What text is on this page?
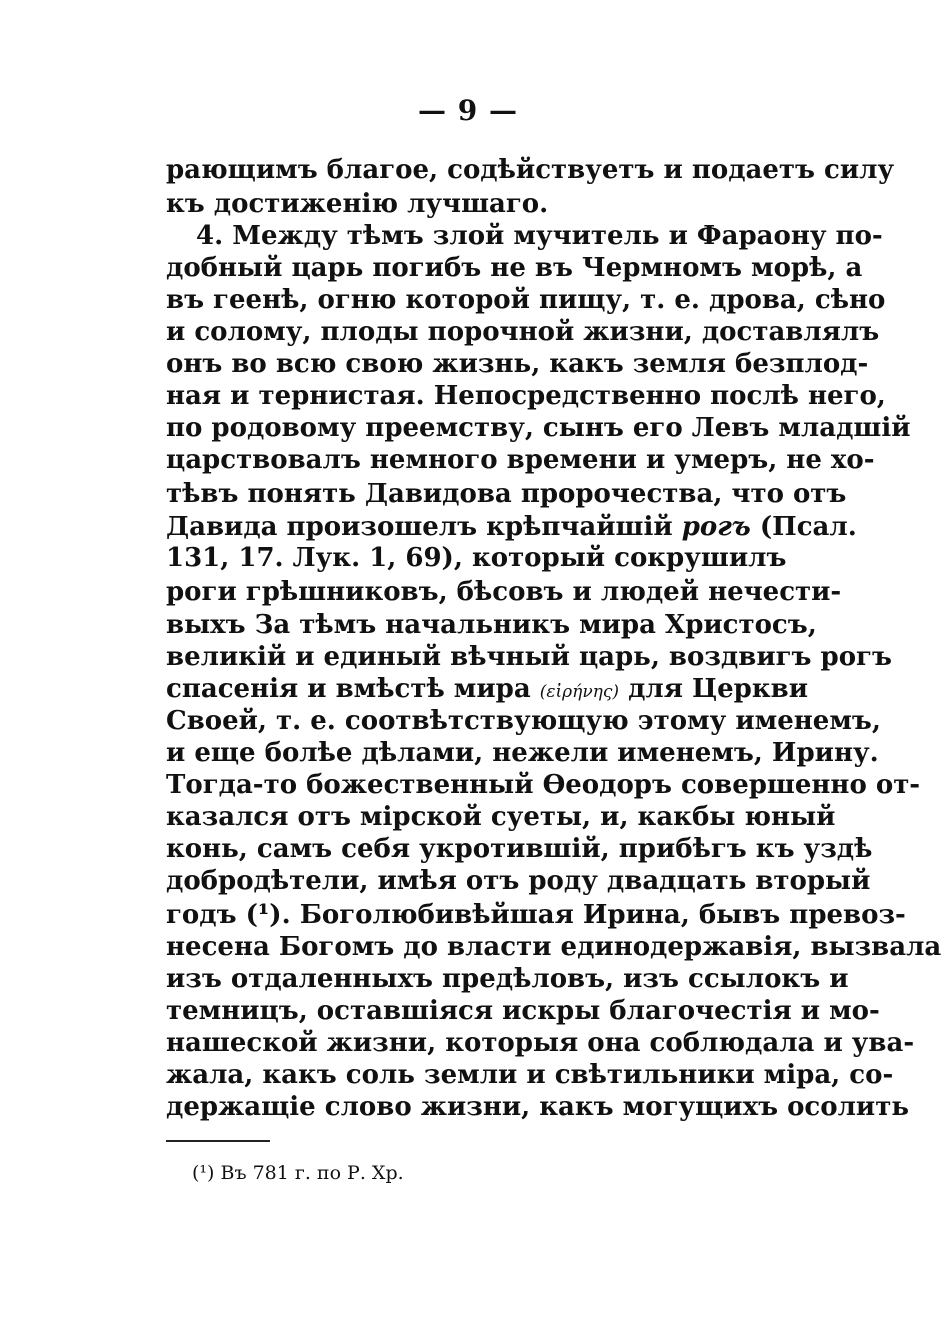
— 9 —
рающимъ благое, содѣйствуетъ и подаетъ силу
къ достиженію лучшаго.
4. Между тѣмъ злой мучитель и Фараону по-
добный царь погибъ не въ Чермномъ морѣ, а
въ геенѣ, огню которой пищу, т. е. дрова, сѣно
и солому, плоды порочной жизни, доставлялъ
онъ во всю свою жизнь, какъ земля безплод-
ная и тернистая. Непосредственно послѣ него,
по родовому преемству, сынъ его Левъ младшій
царствовалъ немного времени и умеръ, не хо-
тѣвъ понять Давидова пророчества, что отъ
Давида произошелъ крѣпчайшій рогъ (Псал.
131, 17. Лук. 1, 69), который сокрушилъ
роги грѣшниковъ, бѣсовъ и людей нечести-
выхъ За тѣмъ начальникъ мира Христосъ,
великій и единый вѣчный царь, воздвигъ рогъ
спасенія и вмѣстѣ мира (εἰρήνης) для Церкви
Своей, т. е. соотвѣтствующую этому именемъ,
и еще болѣе дѣлами, нежели именемъ, Ирину.
Тогда-то божественный Ѳеодоръ совершенно от-
казался отъ мірской суеты, и, какбы юный
конь, самъ себя укротившій, прибѣгъ къ уздѣ
добродѣтели, имѣя отъ роду двадцать вторый
годъ (¹). Боголюбивѣйшая Ирина, бывъ превоз-
несена Богомъ до власти единодержавія, вызвала
изъ отдаленныхъ предѣловъ, изъ ссылокъ и
темницъ, оставшіяся искры благочестія и мо-
нашеской жизни, которыя она соблюдала и ува-
жала, какъ соль земли и свѣтильники міра, со-
держащіе слово жизни, какъ могущихъ осолить
(¹) Въ 781 г. по Р. Хр.
